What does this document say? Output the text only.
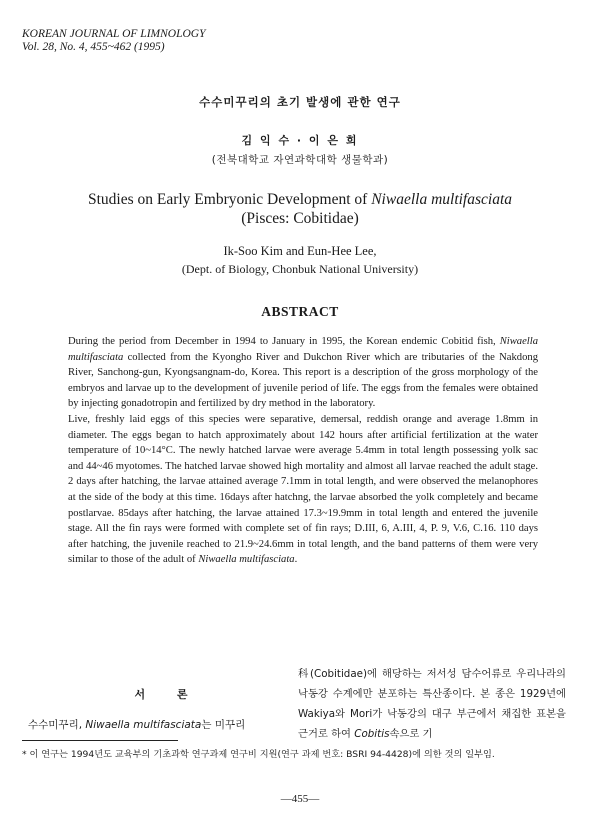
KOREAN JOURNAL OF LIMNOLOGY
Vol. 28, No. 4, 455~462 (1995)
수수미꾸리의 초기 발생에 관한 연구
김 익 수 · 이 은 희
(전북대학교 자연과학대학 생물학과)
Studies on Early Embryonic Development of Niwaella multifasciata
(Pisces: Cobitidae)
Ik-Soo Kim and Eun-Hee Lee,
(Dept. of Biology, Chonbuk National University)
ABSTRACT

During the period from December in 1994 to January in 1995, the Korean endemic Cobitid fish, Niwaella multifasciata collected from the Kyongho River and Dukchon River which are tributaries of the Nakdong River, Sanchong-gun, Kyongsangnam-do, Korea. This report is a description of the gross morphology of the embryos and larvae up to the development of juvenile period of life. The eggs from the females were obtained by injecting gonadotropin and fertilized by dry method in the laboratory.

Live, freshly laid eggs of this species were separative, demersal, reddish orange and average 1.8mm in diameter. The eggs began to hatch approximately about 142 hours after artificial fertilization at the water temperature of 10~14°C. The newly hatched larvae were average 5.4mm in total length possessing yolk sac and 44~46 myotomes. The hatched larvae showed high mortality and almost all larvae reached the adult stage. 2 days after hatching, the larvae attained average 7.1mm in total length, and were observed the melanophores at the side of the body at this time. 16days after hatchng, the larvae absorbed the yolk completely and became postlarvae. 85days after hatching, the larvae attained 17.3~19.9mm in total length and entered the juvenile stage. All the fin rays were formed with complete set of fin rays; D.III, 6, A.III, 4, P. 9, V.6, C.16. 110 days after hatching, the juvenile reached to 21.9~24.6mm in total length, and the band patterns of them were very similar to those of the adult of Niwaella multifasciata.

서 론
수수미꾸리, Niwaella multifasciata는 미꾸리
科(Cobitidae)에 해당하는 저서성 담수어류로 우리나라의 낙동강 수계에만 분포하는 특산종이다. 본 종은 1929년에 Wakiya와 Mori가 낙동강의 대구 부근에서 채집한 표본을 근거로 하여 Cobitis속으로 기
* 이 연구는 1994년도 교육부의 기초과학 연구과제 연구비 지원(연구 과제 번호: BSRI 94-4428)에 의한 것의 일부임.
—455—
